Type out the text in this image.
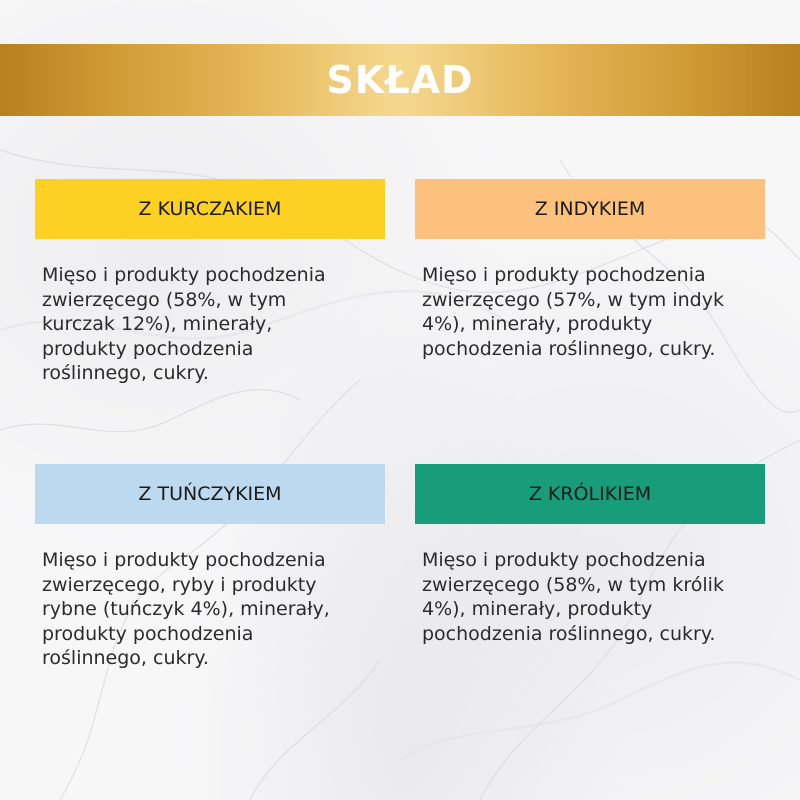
SKŁAD
Z KURCZAKIEM
Mięso i produkty pochodzenia
zwierzęcego (58%, w tym
kurczak 12%), minerały,
produkty pochodzenia
roślinnego, cukry.
Z INDYKIEM
Mięso i produkty pochodzenia
zwierzęcego (57%, w tym indyk
4%), minerały, produkty
pochodzenia roślinnego, cukry.
Z TUŃCZYKIEM
Mięso i produkty pochodzenia
zwierzęcego, ryby i produkty
rybne (tuńczyk 4%), minerały,
produkty pochodzenia
roślinnego, cukry.
Z KRÓLIKIEM
Mięso i produkty pochodzenia
zwierzęcego (58%, w tym królik
4%), minerały, produkty
pochodzenia roślinnego, cukry.
